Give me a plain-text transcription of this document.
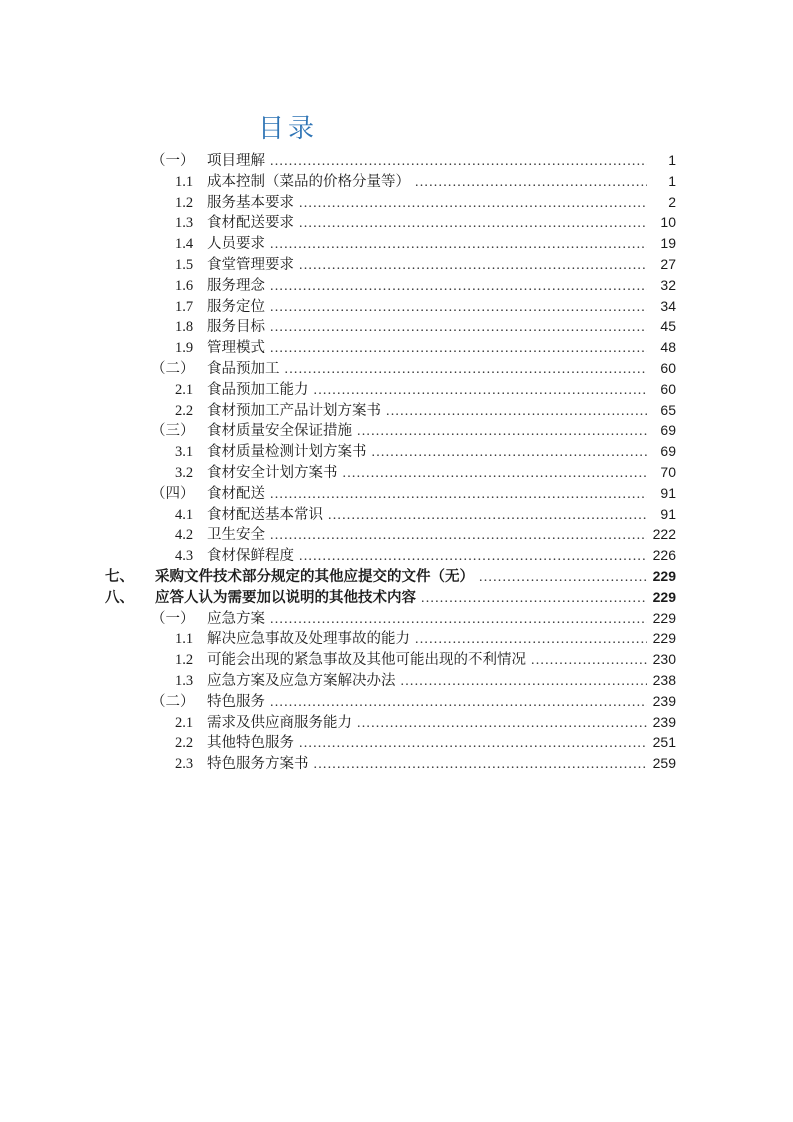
目录
（一） 项目理解 .....	1
1.1 成本控制（菜品的价格分量等） .....	1
1.2 服务基本要求 .....	2
1.3 食材配送要求 .....	10
1.4 人员要求 .....	19
1.5 食堂管理要求 .....	27
1.6 服务理念 .....	32
1.7 服务定位 .....	34
1.8 服务目标 .....	45
1.9 管理模式 .....	48
（二） 食品预加工 .....	60
2.1 食品预加工能力 .....	60
2.2 食材预加工产品计划方案书 .....	65
（三） 食材质量安全保证措施 .....	69
3.1 食材质量检测计划方案书 .....	69
3.2 食材安全计划方案书 .....	70
（四） 食材配送 .....	91
4.1 食材配送基本常识 .....	91
4.2 卫生安全 .....	222
4.3 食材保鲜程度 .....	226
七、	采购文件技术部分规定的其他应提交的文件（无） .....	229
八、	应答人认为需要加以说明的其他技术内容 .....	229
（一） 应急方案 .....	229
1.1 解决应急事故及处理事故的能力 .....	229
1.2 可能会出现的紧急事故及其他可能出现的不利情况 .....	230
1.3 应急方案及应急方案解决办法 .....	238
（二） 特色服务 .....	239
2.1 需求及供应商服务能力 .....	239
2.2 其他特色服务 .....	251
2.3 特色服务方案书 .....	259
